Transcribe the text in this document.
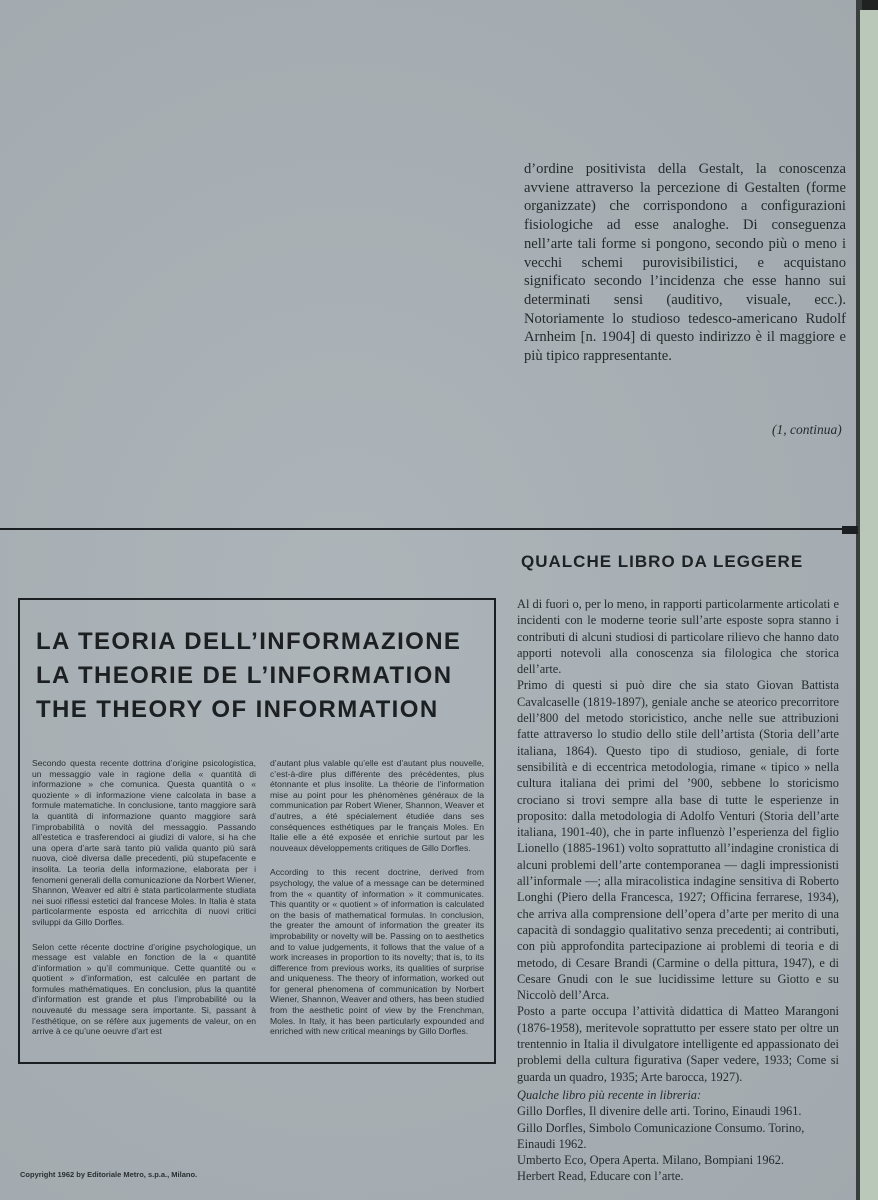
d’ordine positivista della Gestalt, la conoscenza avviene attraverso la percezione di Gestalten (forme organizzate) che corrispondono a configurazioni fisiologiche ad esse analoghe. Di conseguenza nell’arte tali forme si pongono, secondo più o meno i vecchi schemi purovisibilistici, e acquistano significato secondo l’incidenza che esse hanno sui determinati sensi (auditivo, visuale, ecc.). Notoriamente lo studioso tedesco-americano Rudolf Arnheim [n. 1904] di questo indirizzo è il maggiore e più tipico rappresentante.
(1, continua)
QUALCHE LIBRO DA LEGGERE

Al di fuori o, per lo meno, in rapporti particolarmente articolati e incidenti con le moderne teorie sull’arte esposte sopra stanno i contributi di alcuni studiosi di particolare rilievo che hanno dato apporti notevoli alla conoscenza sia filologica che storica dell’arte.

Primo di questi si può dire che sia stato Giovan Battista Cavalcaselle (1819-1897), geniale anche se ateorico precorritore dell’800 del metodo storicistico, anche nelle sue attribuzioni fatte attraverso lo studio dello stile dell’artista (Storia dell’arte italiana, 1864). Questo tipo di studioso, geniale, di forte sensibilità e di eccentrica metodologia, rimane « tipico » nella cultura italiana dei primi del ’900, sebbene lo storicismo crociano si trovi sempre alla base di tutte le esperienze in proposito: dalla metodologia di Adolfo Venturi (Storia dell’arte italiana, 1901-40), che in parte influenzò l’esperienza del figlio Lionello (1885-1961) volto soprattutto all’indagine cronistica di alcuni problemi dell’arte contemporanea — dagli impressionisti all’informale —; alla miracolistica indagine sensitiva di Roberto Longhi (Piero della Francesca, 1927; Officina ferrarese, 1934), che arriva alla comprensione dell’opera d’arte per merito di una capacità di sondaggio qualitativo senza precedenti; ai contributi, con più approfondita partecipazione ai problemi di teoria e di metodo, di Cesare Brandi (Carmine o della pittura, 1947), e di Cesare Gnudi con le sue lucidissime letture su Giotto e su Niccolò dell’Arca.

Posto a parte occupa l’attività didattica di Matteo Marangoni (1876-1958), meritevole soprattutto per essere stato per oltre un trentennio in Italia il divulgatore intelligente ed appassionato dei problemi della cultura figurativa (Saper vedere, 1933; Come si guarda un quadro, 1935; Arte barocca, 1927).

Qualche libro più recente in libreria:

Gillo Dorfles, Il divenire delle arti. Torino, Einaudi 1961.

Gillo Dorfles, Simbolo Comunicazione Consumo. Torino, Einaudi 1962.

Umberto Eco, Opera Aperta. Milano, Bompiani 1962.

Herbert Read, Educare con l’arte.

LA TEORIA DELL’INFORMAZIONE
LA THEORIE DE L’INFORMATION
THE THEORY OF INFORMATION

Secondo questa recente dottrina d’origine psicologistica, un messaggio vale in ragione della « quantità di informazione » che comunica. Questa quantità o « quoziente » di informazione viene calcolata in base a formule matematiche. In conclusione, tanto maggiore sarà la quantità di informazione quanto maggiore sarà l’improbabilità o novità del messaggio. Passando all’estetica e trasferendoci ai giudizi di valore, si ha che una opera d’arte sarà tanto più valida quanto più sarà nuova, cioè diversa dalle precedenti, più stupefacente e insolita. La teoria della informazione, elaborata per i fenomeni generali della comunicazione da Norbert Wiener, Shannon, Weaver ed altri è stata particolarmente studiata nei suoi riflessi estetici dal francese Moles. In Italia è stata particolarmente esposta ed arricchita di nuovi critici sviluppi da Gillo Dorfles.

Selon cette récente doctrine d’origine psychologique, un message est valable en fonction de la « quantité d’information » qu’il communique. Cette quantité ou « quotient » d’information, est calculée en partant de formules mathématiques. En conclusion, plus la quantité d’information est grande et plus l’improbabilité ou la nouveauté du message sera importante. Si, passant à l’esthétique, on se réfère aux jugements de valeur, on en arrive à ce qu’une oeuvre d’art est

d’autant plus valable qu’elle est d’autant plus nouvelle, c’est-à-dire plus différente des précédentes, plus étonnante et plus insolite. La théorie de l’information mise au point pour les phénomènes généraux de la communication par Robert Wiener, Shannon, Weaver et d’autres, a été spécialement étudiée dans ses conséquences esthétiques par le français Moles. En Italie elle a été exposée et enrichie surtout par les nouveaux développements critiques de Gillo Dorfles.

According to this recent doctrine, derived from psychology, the value of a message can be determined from the « quantity of information » it communicates. This quantity or « quotient » of information is calculated on the basis of mathematical formulas. In conclusion, the greater the amount of information the greater its improbability or novelty will be. Passing on to aesthetics and to value judgements, it follows that the value of a work increases in proportion to its novelty; that is, to its difference from previous works, its qualities of surprise and uniqueness. The theory of information, worked out for general phenomena of communication by Norbert Wiener, Shannon, Weaver and others, has been studied from the aesthetic point of view by the Frenchman, Moles. In Italy, it has been particularly expounded and enriched with new critical meanings by Gillo Dorfles.

Copyright 1962 by Editoriale Metro, s.p.a., Milano.
